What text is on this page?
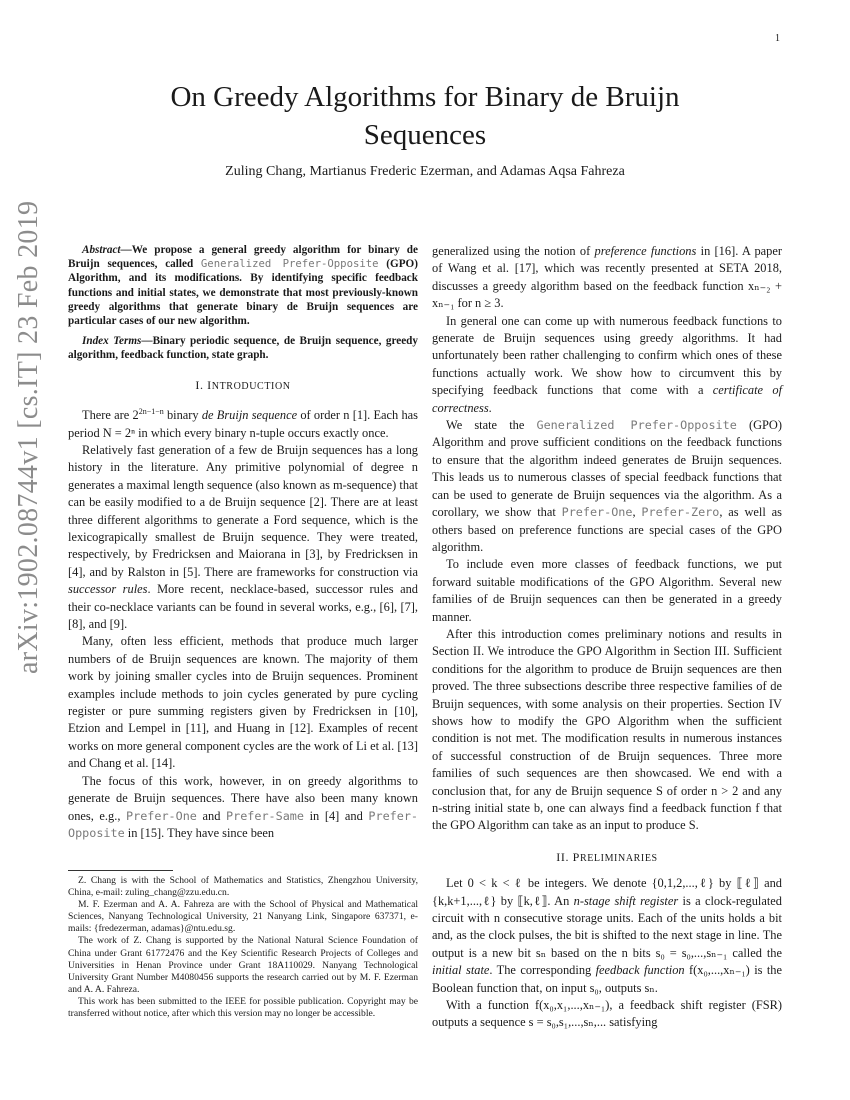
1
arXiv:1902.08744v1 [cs.IT] 23 Feb 2019
On Greedy Algorithms for Binary de Bruijn
Sequences
Zuling Chang, Martianus Frederic Ezerman, and Adamas Aqsa Fahreza

Abstract—We propose a general greedy algorithm for binary de Bruijn sequences, called Generalized Prefer-Opposite (GPO) Algorithm, and its modifications. By identifying specific feedback functions and initial states, we demonstrate that most previously-known greedy algorithms that generate binary de Bruijn sequences are particular cases of our new algorithm.

Index Terms—Binary periodic sequence, de Bruijn sequence, greedy algorithm, feedback function, state graph.

I. INTRODUCTION

There are $2^{2n-1-n}$ binary de Bruijn sequence of order n [1]. Each has period N = 2ⁿ in which every binary n-tuple occurs exactly once.

Relatively fast generation of a few de Bruijn sequences has a long history in the literature. Any primitive polynomial of degree n generates a maximal length sequence (also known as m-sequence) that can be easily modified to a de Bruijn sequence [2]. There are at least three different algorithms to generate a Ford sequence, which is the lexicograpically smallest de Bruijn sequence. They were treated, respectively, by Fredricksen and Maiorana in [3], by Fredricksen in [4], and by Ralston in [5]. There are frameworks for construction via successor rules. More recent, necklace-based, successor rules and their co-necklace variants can be found in several works, e.g., [6], [7], [8], and [9].

Many, often less efficient, methods that produce much larger numbers of de Bruijn sequences are known. The majority of them work by joining smaller cycles into de Bruijn sequences. Prominent examples include methods to join cycles generated by pure cycling register or pure summing registers given by Fredricksen in [10], Etzion and Lempel in [11], and Huang in [12]. Examples of recent works on more general component cycles are the work of Li et al. [13] and Chang et al. [14].

The focus of this work, however, in on greedy algorithms to generate de Bruijn sequences. There have also been many known ones, e.g., Prefer-One and Prefer-Same in [4] and Prefer-Opposite in [15]. They have since been

Z. Chang is with the School of Mathematics and Statistics, Zhengzhou University, China, e-mail: zuling_chang@zzu.edu.cn.

M. F. Ezerman and A. A. Fahreza are with the School of Physical and Mathematical Sciences, Nanyang Technological University, 21 Nanyang Link, Singapore 637371, e-mails: {fredezerman, adamas}@ntu.edu.sg.

The work of Z. Chang is supported by the National Natural Science Foundation of China under Grant 61772476 and the Key Scientific Research Projects of Colleges and Universities in Henan Province under Grant 18A110029. Nanyang Technological University Grant Number M4080456 supports the research carried out by M. F. Ezerman and A. A. Fahreza.

This work has been submitted to the IEEE for possible publication. Copyright may be transferred without notice, after which this version may no longer be accessible.

generalized using the notion of preference functions in [16]. A paper of Wang et al. [17], which was recently presented at SETA 2018, discusses a greedy algorithm based on the feedback function xₙ₋₂ + xₙ₋₁ for n ≥ 3.

In general one can come up with numerous feedback functions to generate de Bruijn sequences using greedy algorithms. It had unfortunately been rather challenging to confirm which ones of these functions actually work. We show how to circumvent this by specifying feedback functions that come with a certificate of correctness.

We state the Generalized Prefer-Opposite (GPO) Algorithm and prove sufficient conditions on the feedback functions to ensure that the algorithm indeed generates de Bruijn sequences. This leads us to numerous classes of special feedback functions that can be used to generate de Bruijn sequences via the algorithm. As a corollary, we show that Prefer-One, Prefer-Zero, as well as others based on preference functions are special cases of the GPO algorithm.

To include even more classes of feedback functions, we put forward suitable modifications of the GPO Algorithm. Several new families of de Bruijn sequences can then be generated in a greedy manner.

After this introduction comes preliminary notions and results in Section II. We introduce the GPO Algorithm in Section III. Sufficient conditions for the algorithm to produce de Bruijn sequences are then proved. The three subsections describe three respective families of de Bruijn sequences, with some analysis on their properties. Section IV shows how to modify the GPO Algorithm when the sufficient condition is not met. The modification results in numerous instances of successful construction of de Bruijn sequences. Three more families of such sequences are then showcased. We end with a conclusion that, for any de Bruijn sequence S of order n > 2 and any n-string initial state b, one can always find a feedback function f that the GPO Algorithm can take as an input to produce S.

II. PRELIMINARIES

Let 0 < k < ℓ be integers. We denote {0,1,2,...,ℓ} by ⟦ℓ⟧ and {k,k+1,...,ℓ} by ⟦k,ℓ⟧. An n-stage shift register is a clock-regulated circuit with n consecutive storage units. Each of the units holds a bit and, as the clock pulses, the bit is shifted to the next stage in line. The output is a new bit sₙ based on the n bits s₀ = s₀,...,sₙ₋₁ called the initial state. The corresponding feedback function f(x₀,...,xₙ₋₁) is the Boolean function that, on input s₀, outputs sₙ.

With a function f(x₀,x₁,...,xₙ₋₁), a feedback shift register (FSR) outputs a sequence s = s₀,s₁,...,sₙ,... satisfying
